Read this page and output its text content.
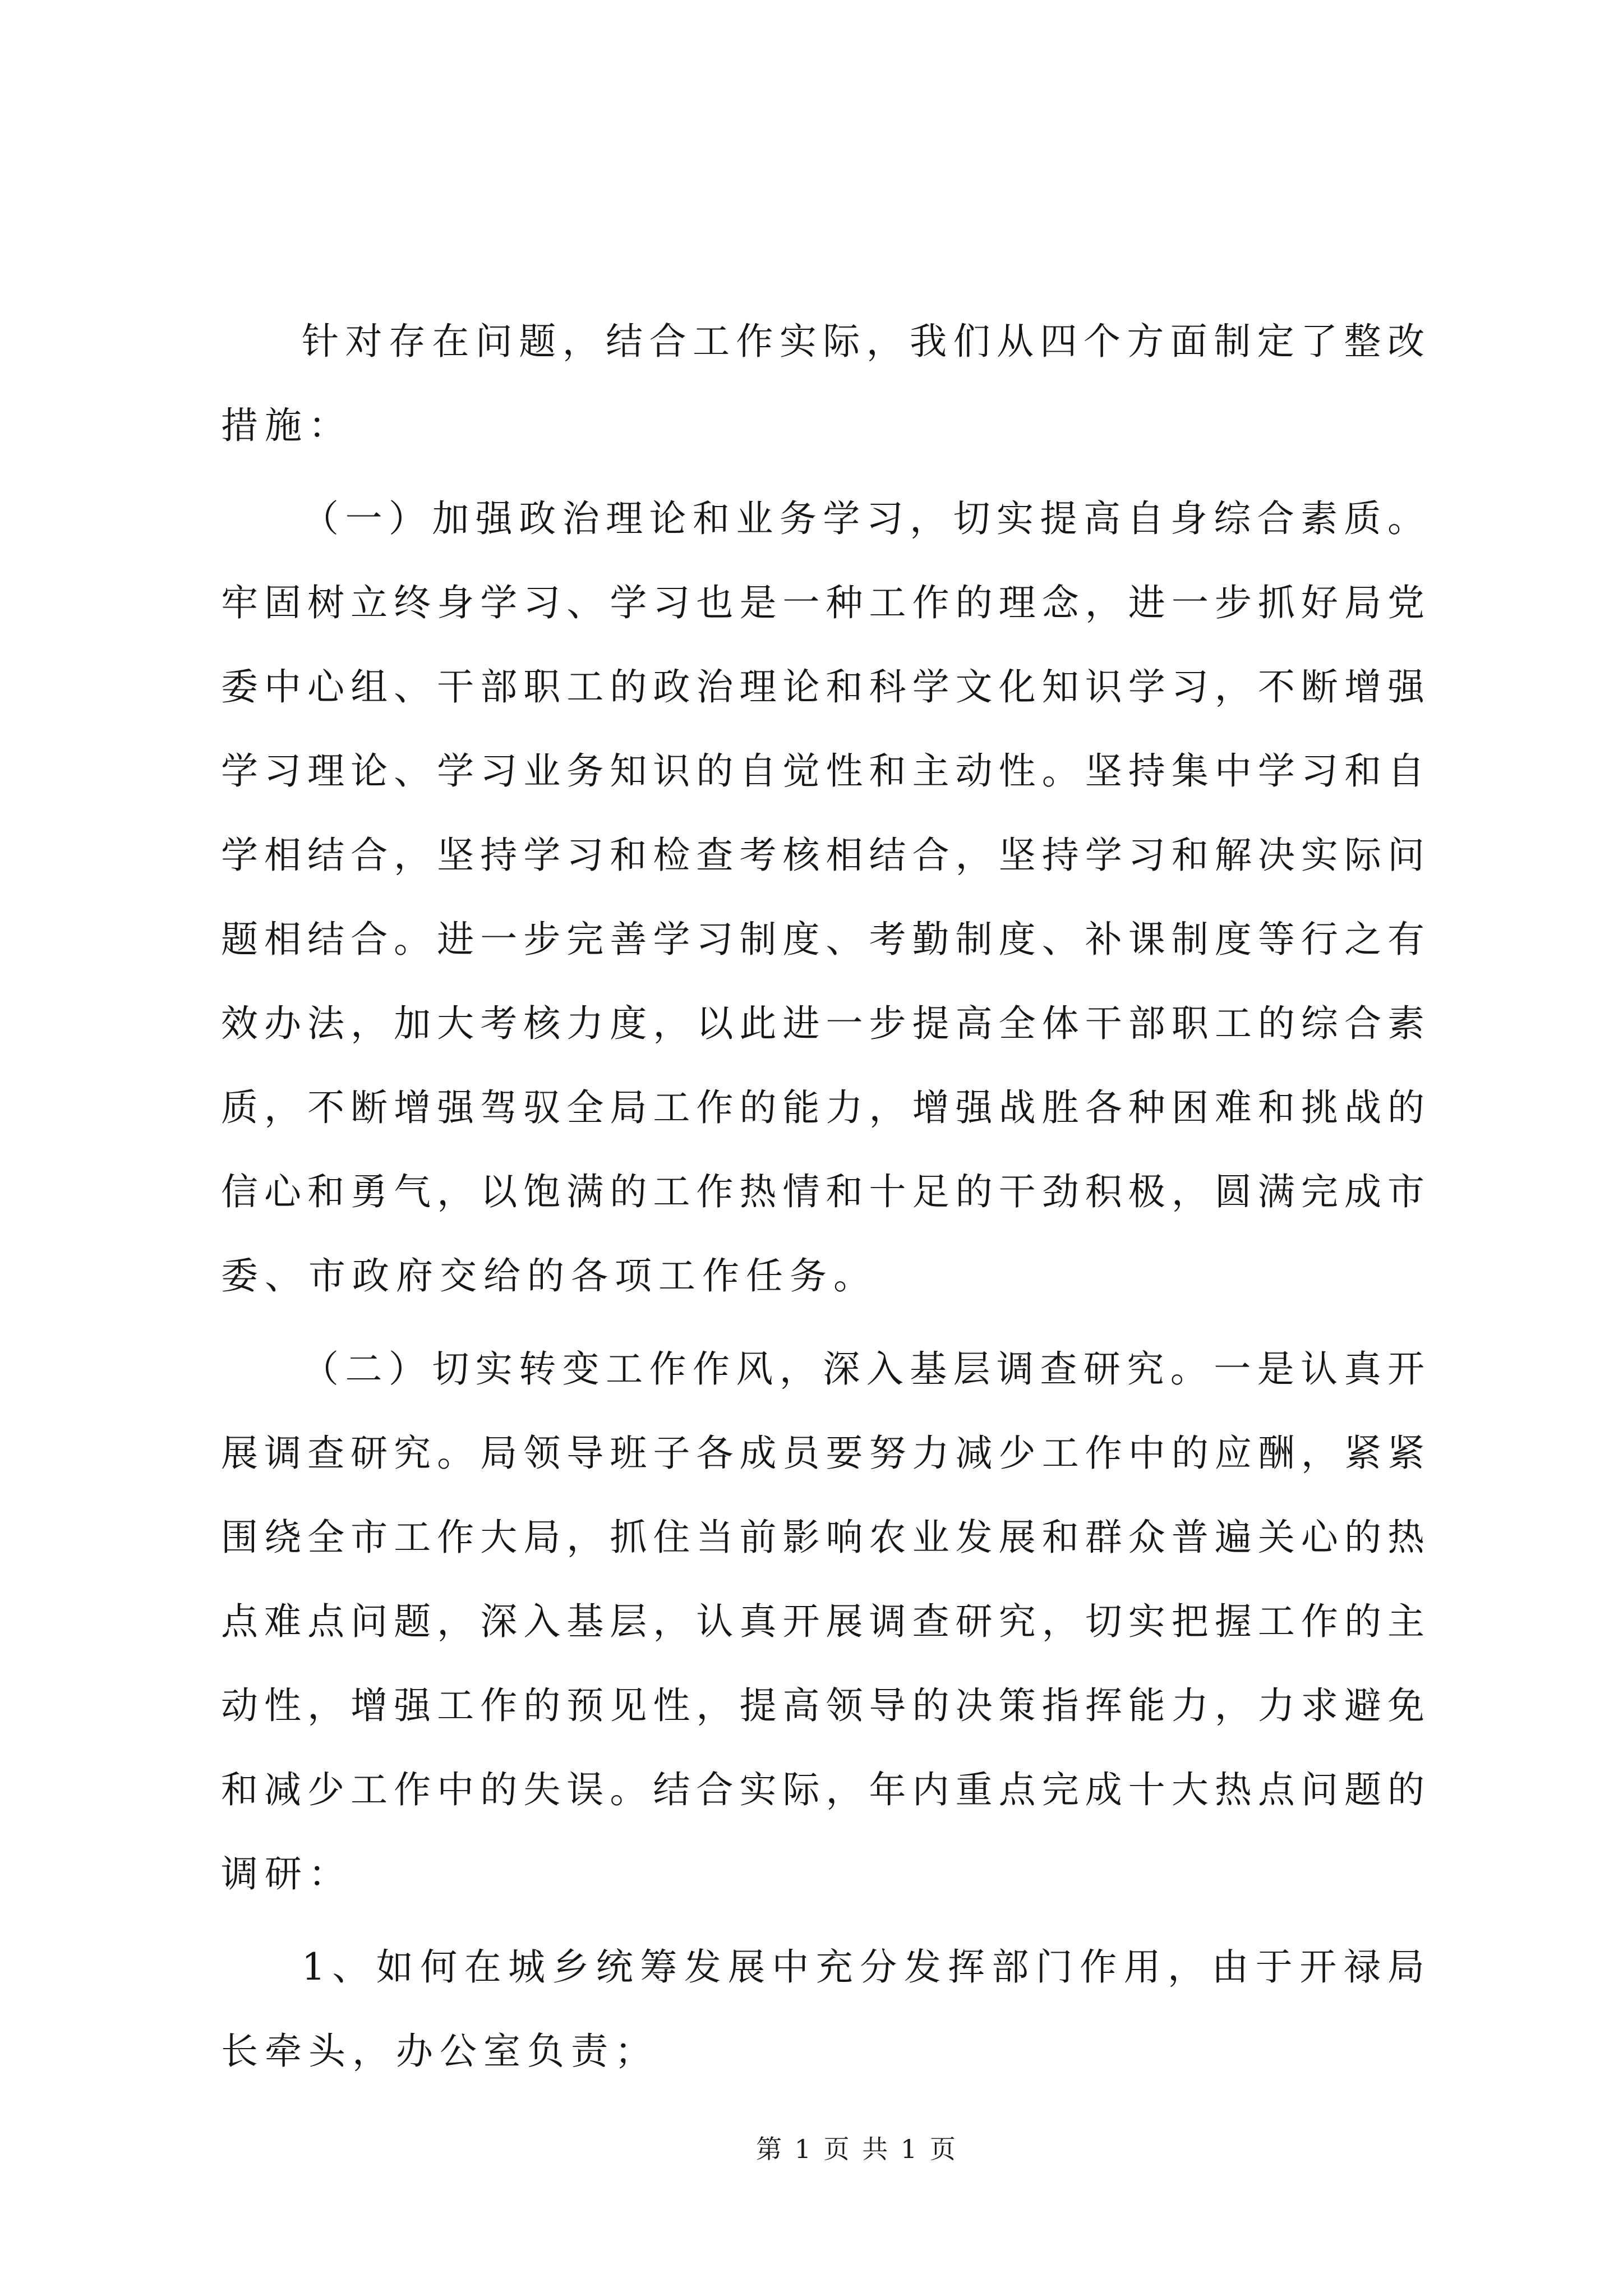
针对存在问题，结合工作实际，我们从四个方面制定了整改
措施：
（一）加强政治理论和业务学习，切实提高自身综合素质。
牢固树立终身学习、学习也是一种工作的理念，进一步抓好局党
委中心组、干部职工的政治理论和科学文化知识学习，不断增强
学习理论、学习业务知识的自觉性和主动性。坚持集中学习和自
学相结合，坚持学习和检查考核相结合，坚持学习和解决实际问
题相结合。进一步完善学习制度、考勤制度、补课制度等行之有
效办法，加大考核力度，以此进一步提高全体干部职工的综合素
质，不断增强驾驭全局工作的能力，增强战胜各种困难和挑战的
信心和勇气，以饱满的工作热情和十足的干劲积极，圆满完成市
委、市政府交给的各项工作任务。
（二）切实转变工作作风，深入基层调查研究。一是认真开
展调查研究。局领导班子各成员要努力减少工作中的应酬，紧紧
围绕全市工作大局，抓住当前影响农业发展和群众普遍关心的热
点难点问题，深入基层，认真开展调查研究，切实把握工作的主
动性，增强工作的预见性，提高领导的决策指挥能力，力求避免
和减少工作中的失误。结合实际，年内重点完成十大热点问题的
调研：
1、如何在城乡统筹发展中充分发挥部门作用，由于开禄局
长牵头，办公室负责；
第 1 页 共 1 页
